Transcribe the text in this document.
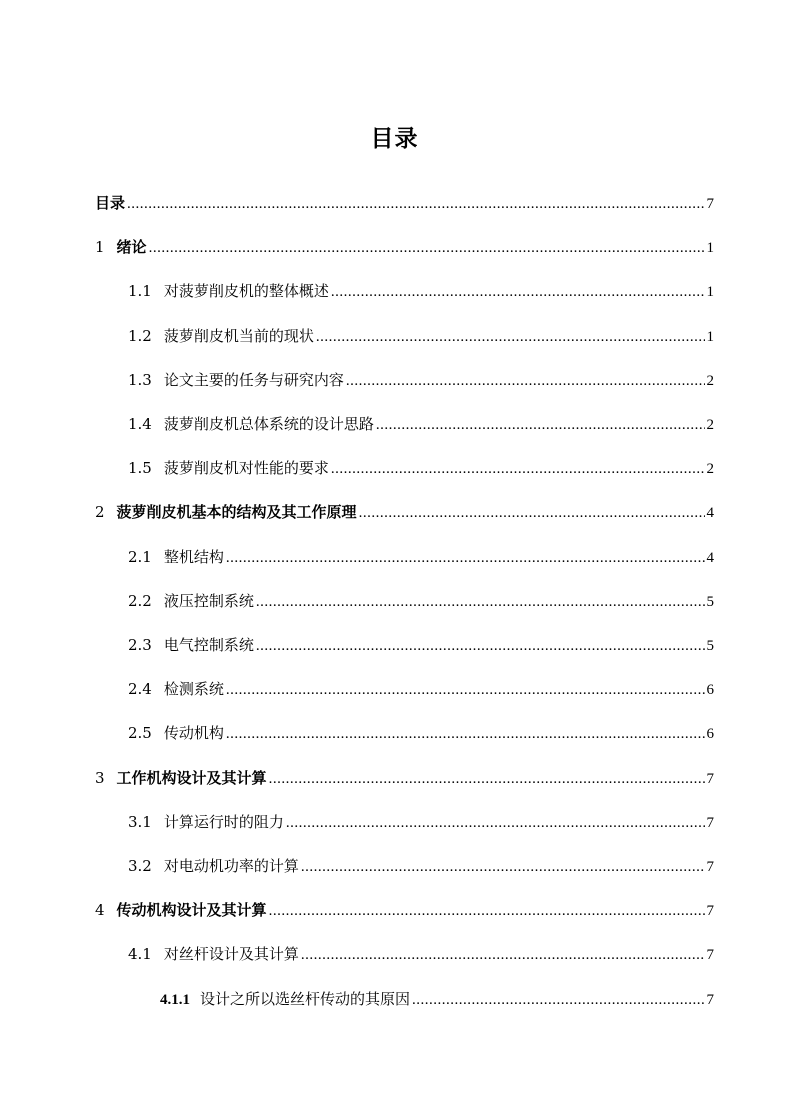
目录
目录 .....	7
1 绪论 .....	1
1.1 对菠萝削皮机的整体概述 .....	1
1.2 菠萝削皮机当前的现状 .....	1
1.3 论文主要的任务与研究内容 .....	2
1.4 菠萝削皮机总体系统的设计思路 .....	2
1.5 菠萝削皮机对性能的要求 .....	2
2 菠萝削皮机基本的结构及其工作原理 .....	4
2.1 整机结构 .....	4
2.2 液压控制系统 .....	5
2.3 电气控制系统 .....	5
2.4 检测系统 .....	6
2.5 传动机构 .....	6
3 工作机构设计及其计算 .....	7
3.1 计算运行时的阻力 .....	7
3.2 对电动机功率的计算 .....	7
4 传动机构设计及其计算 .....	7
4.1 对丝杆设计及其计算 .....	7
4.1.1 设计之所以选丝杆传动的其原因 .....	7
